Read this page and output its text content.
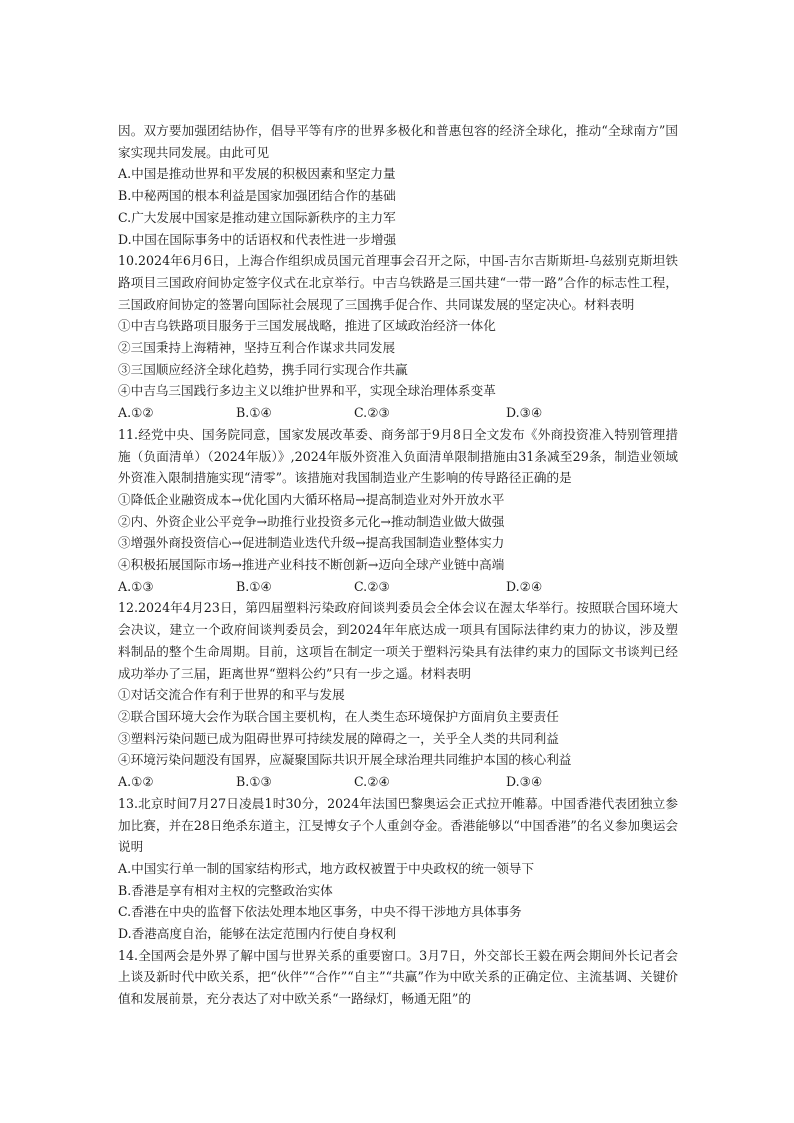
因。双方要加强团结协作，倡导平等有序的世界多极化和普惠包容的经济全球化，推动“全球南方”国家实现共同发展。由此可见

A.中国是推动世界和平发展的积极因素和坚定力量

B.中秘两国的根本利益是国家加强团结合作的基础

C.广大发展中国家是推动建立国际新秩序的主力军

D.中国在国际事务中的话语权和代表性进一步增强

10.2024年6月6日，上海合作组织成员国元首理事会召开之际，中国-吉尔吉斯斯坦-乌兹别克斯坦铁路项目三国政府间协定签字仪式在北京举行。中吉乌铁路是三国共建“一带一路”合作的标志性工程，三国政府间协定的签署向国际社会展现了三国携手促合作、共同谋发展的坚定决心。材料表明

①中吉乌铁路项目服务于三国发展战略，推进了区域政治经济一体化

②三国秉持上海精神，坚持互利合作谋求共同发展

③三国顺应经济全球化趋势，携手同行实现合作共赢

④中吉乌三国践行多边主义以维护世界和平，实现全球治理体系变革

A.①②	B.①④	C.②③	D.③④

11.经党中央、国务院同意，国家发展改革委、商务部于9月8日全文发布《外商投资准入特别管理措施（负面清单）（2024年版）》,2024年版外资准入负面清单限制措施由31条减至29条，制造业领域外资准入限制措施实现“清零”。该措施对我国制造业产生影响的传导路径正确的是

①降低企业融资成本→优化国内大循环格局→提高制造业对外开放水平

②内、外资企业公平竞争→助推行业投资多元化→推动制造业做大做强

③增强外商投资信心→促进制造业迭代升级→提高我国制造业整体实力

④积极拓展国际市场→推进产业科技不断创新→迈向全球产业链中高端

A.①③	B.①④	C.②③	D.②④

12.2024年4月23日，第四届塑料污染政府间谈判委员会全体会议在渥太华举行。按照联合国环境大会决议，建立一个政府间谈判委员会，到2024年年底达成一项具有国际法律约束力的协议，涉及塑料制品的整个生命周期。目前，这项旨在制定一项关于塑料污染具有法律约束力的国际文书谈判已经成功举办了三届，距离世界“塑料公约”只有一步之遥。材料表明

①对话交流合作有利于世界的和平与发展

②联合国环境大会作为联合国主要机构，在人类生态环境保护方面肩负主要责任

③塑料污染问题已成为阻碍世界可持续发展的障碍之一，关乎全人类的共同利益

④环境污染问题没有国界，应凝聚国际共识开展全球治理共同维护本国的核心利益

A.①②	B.①③	C.②④	D.③④

13.北京时间7月27日凌晨1时30分，2024年法国巴黎奥运会正式拉开帷幕。中国香港代表团独立参加比赛，并在28日绝杀东道主，江旻博女子个人重剑夺金。香港能够以“中国香港”的名义参加奥运会说明

A.中国实行单一制的国家结构形式，地方政权被置于中央政权的统一领导下

B.香港是享有相对主权的完整政治实体

C.香港在中央的监督下依法处理本地区事务，中央不得干涉地方具体事务

D.香港高度自治，能够在法定范围内行使自身权利

14.全国两会是外界了解中国与世界关系的重要窗口。3月7日，外交部长王毅在两会期间外长记者会上谈及新时代中欧关系，把“伙伴”“合作”“自主”“共赢”作为中欧关系的正确定位、主流基调、关键价值和发展前景，充分表达了对中欧关系“一路绿灯，畅通无阻”的
